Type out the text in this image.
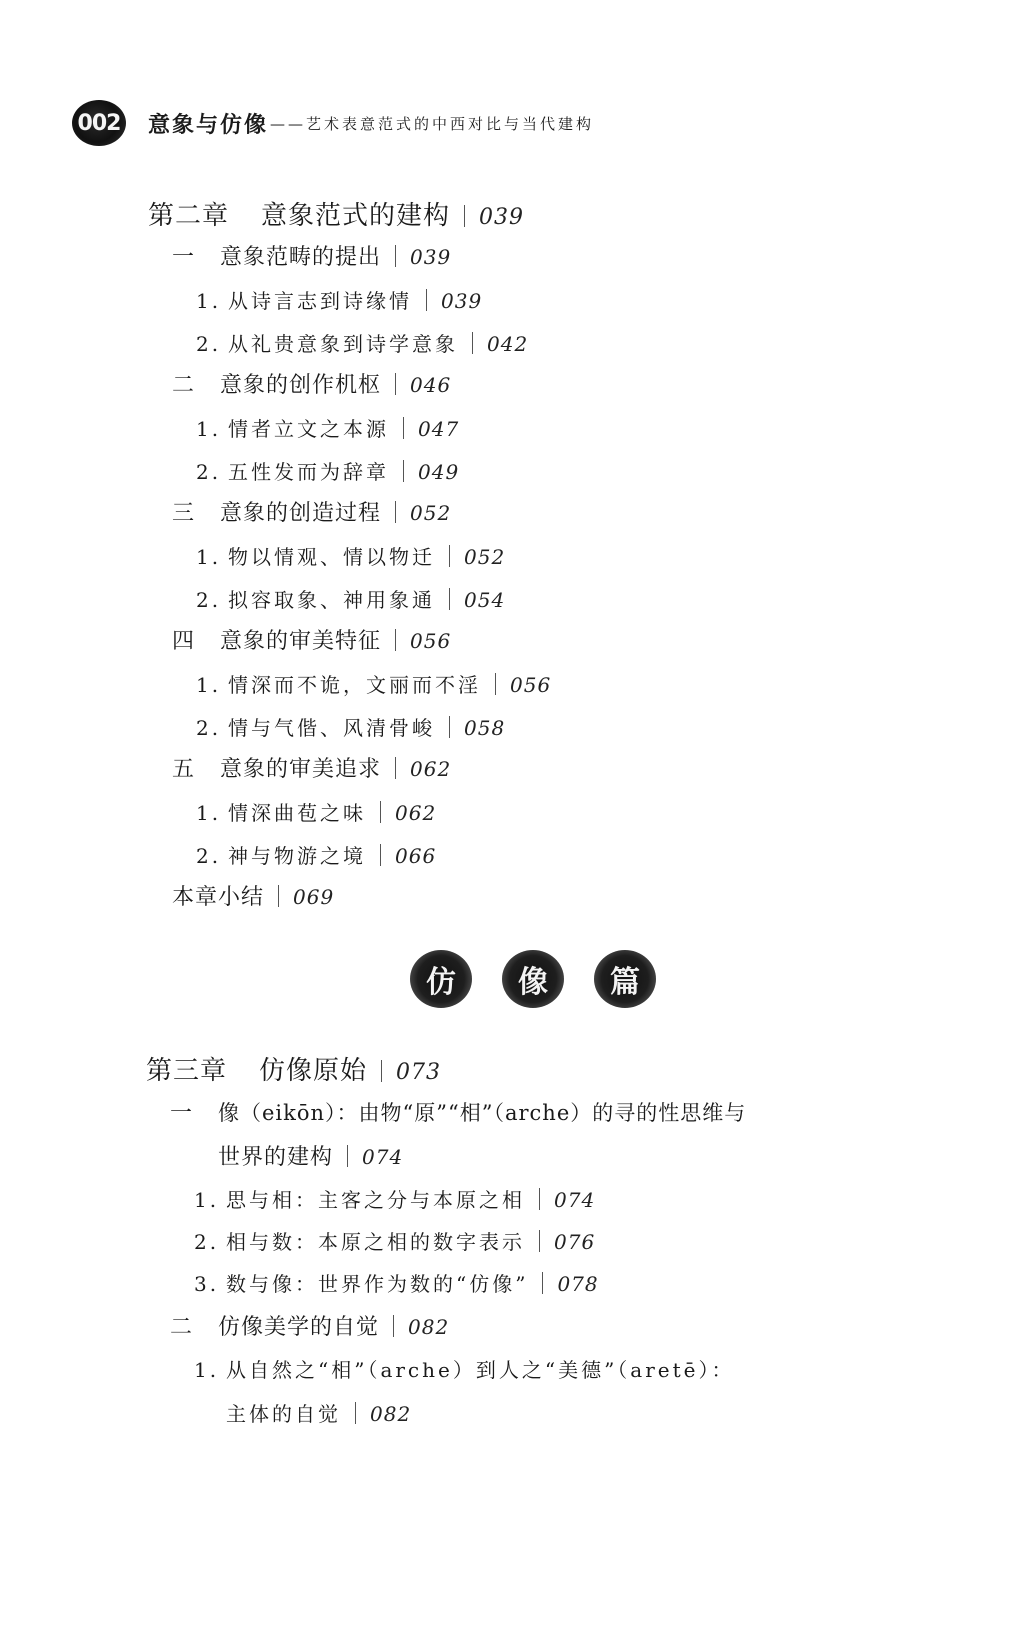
002 意象与仿像 ——艺术表意范式的中西对比与当代建构
第二章 意象范式的建构 039
一	意象范畴的提出 039
1. 从诗言志到诗缘情 039
2. 从礼贵意象到诗学意象 042
二	意象的创作机枢 046
1. 情者立文之本源 047
2. 五性发而为辞章 049
三	意象的创造过程 052
1. 物以情观、情以物迁 052
2. 拟容取象、神用象通 054
四	意象的审美特征 056
1. 情深而不诡，文丽而不淫 056
2. 情与气偕、风清骨峻 058
五	意象的审美追求 062
1. 情深曲苞之味 062
2. 神与物游之境 066
本章小结 069
仿	像	篇
第三章 仿像原始 073
一	像（eikōn）：由物“原”“相”（arche）的寻的性思维与
世界的建构 074
1. 思与相：主客之分与本原之相 074
2. 相与数：本原之相的数字表示 076
3. 数与像：世界作为数的“仿像” 078
二	仿像美学的自觉 082
1. 从自然之“相”（arche）到人之“美德”（aretē）：
主体的自觉 082
